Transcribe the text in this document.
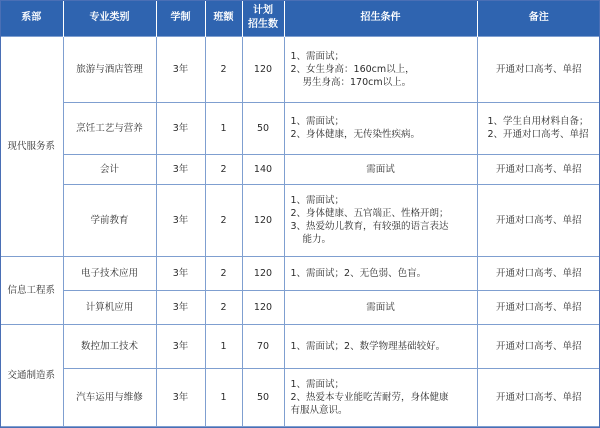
系部	专业类别	学制	班额	计划
招生数	招生条件	备注
现代服务系	旅游与酒店管理	3年	2	120	1、需面试；
2、女生身高：160cm以上，
男生身高：170cm以上。	开通对口高考、单招
	烹饪工艺与营养	3年	1	50	1、需面试；
2、身体健康，无传染性疾病。	1、学生自用材料自备；
2、开通对口高考、单招

	会计	3年	2	140	需面试	开通对口高考、单招
	学前教育	3年	2	120	1、需面试；
2、身体健康、五官端正、性格开朗；
3、热爱幼儿教育，有较强的语言表达
能力。	开通对口高考、单招
信息工程系	电子技术应用	3年	2	120	1、需面试；2、无色弱、色盲。	开通对口高考、单招
	计算机应用	3年	2	120	需面试	开通对口高考、单招
交通制造系	数控加工技术	3年	1	70	1、需面试；2、数学物理基础较好。	开通对口高考、单招
	汽车运用与维修	3年	1	50	1、需面试；
2、热爱本专业能吃苦耐劳，身体健康
有服从意识。	开通对口高考、单招
